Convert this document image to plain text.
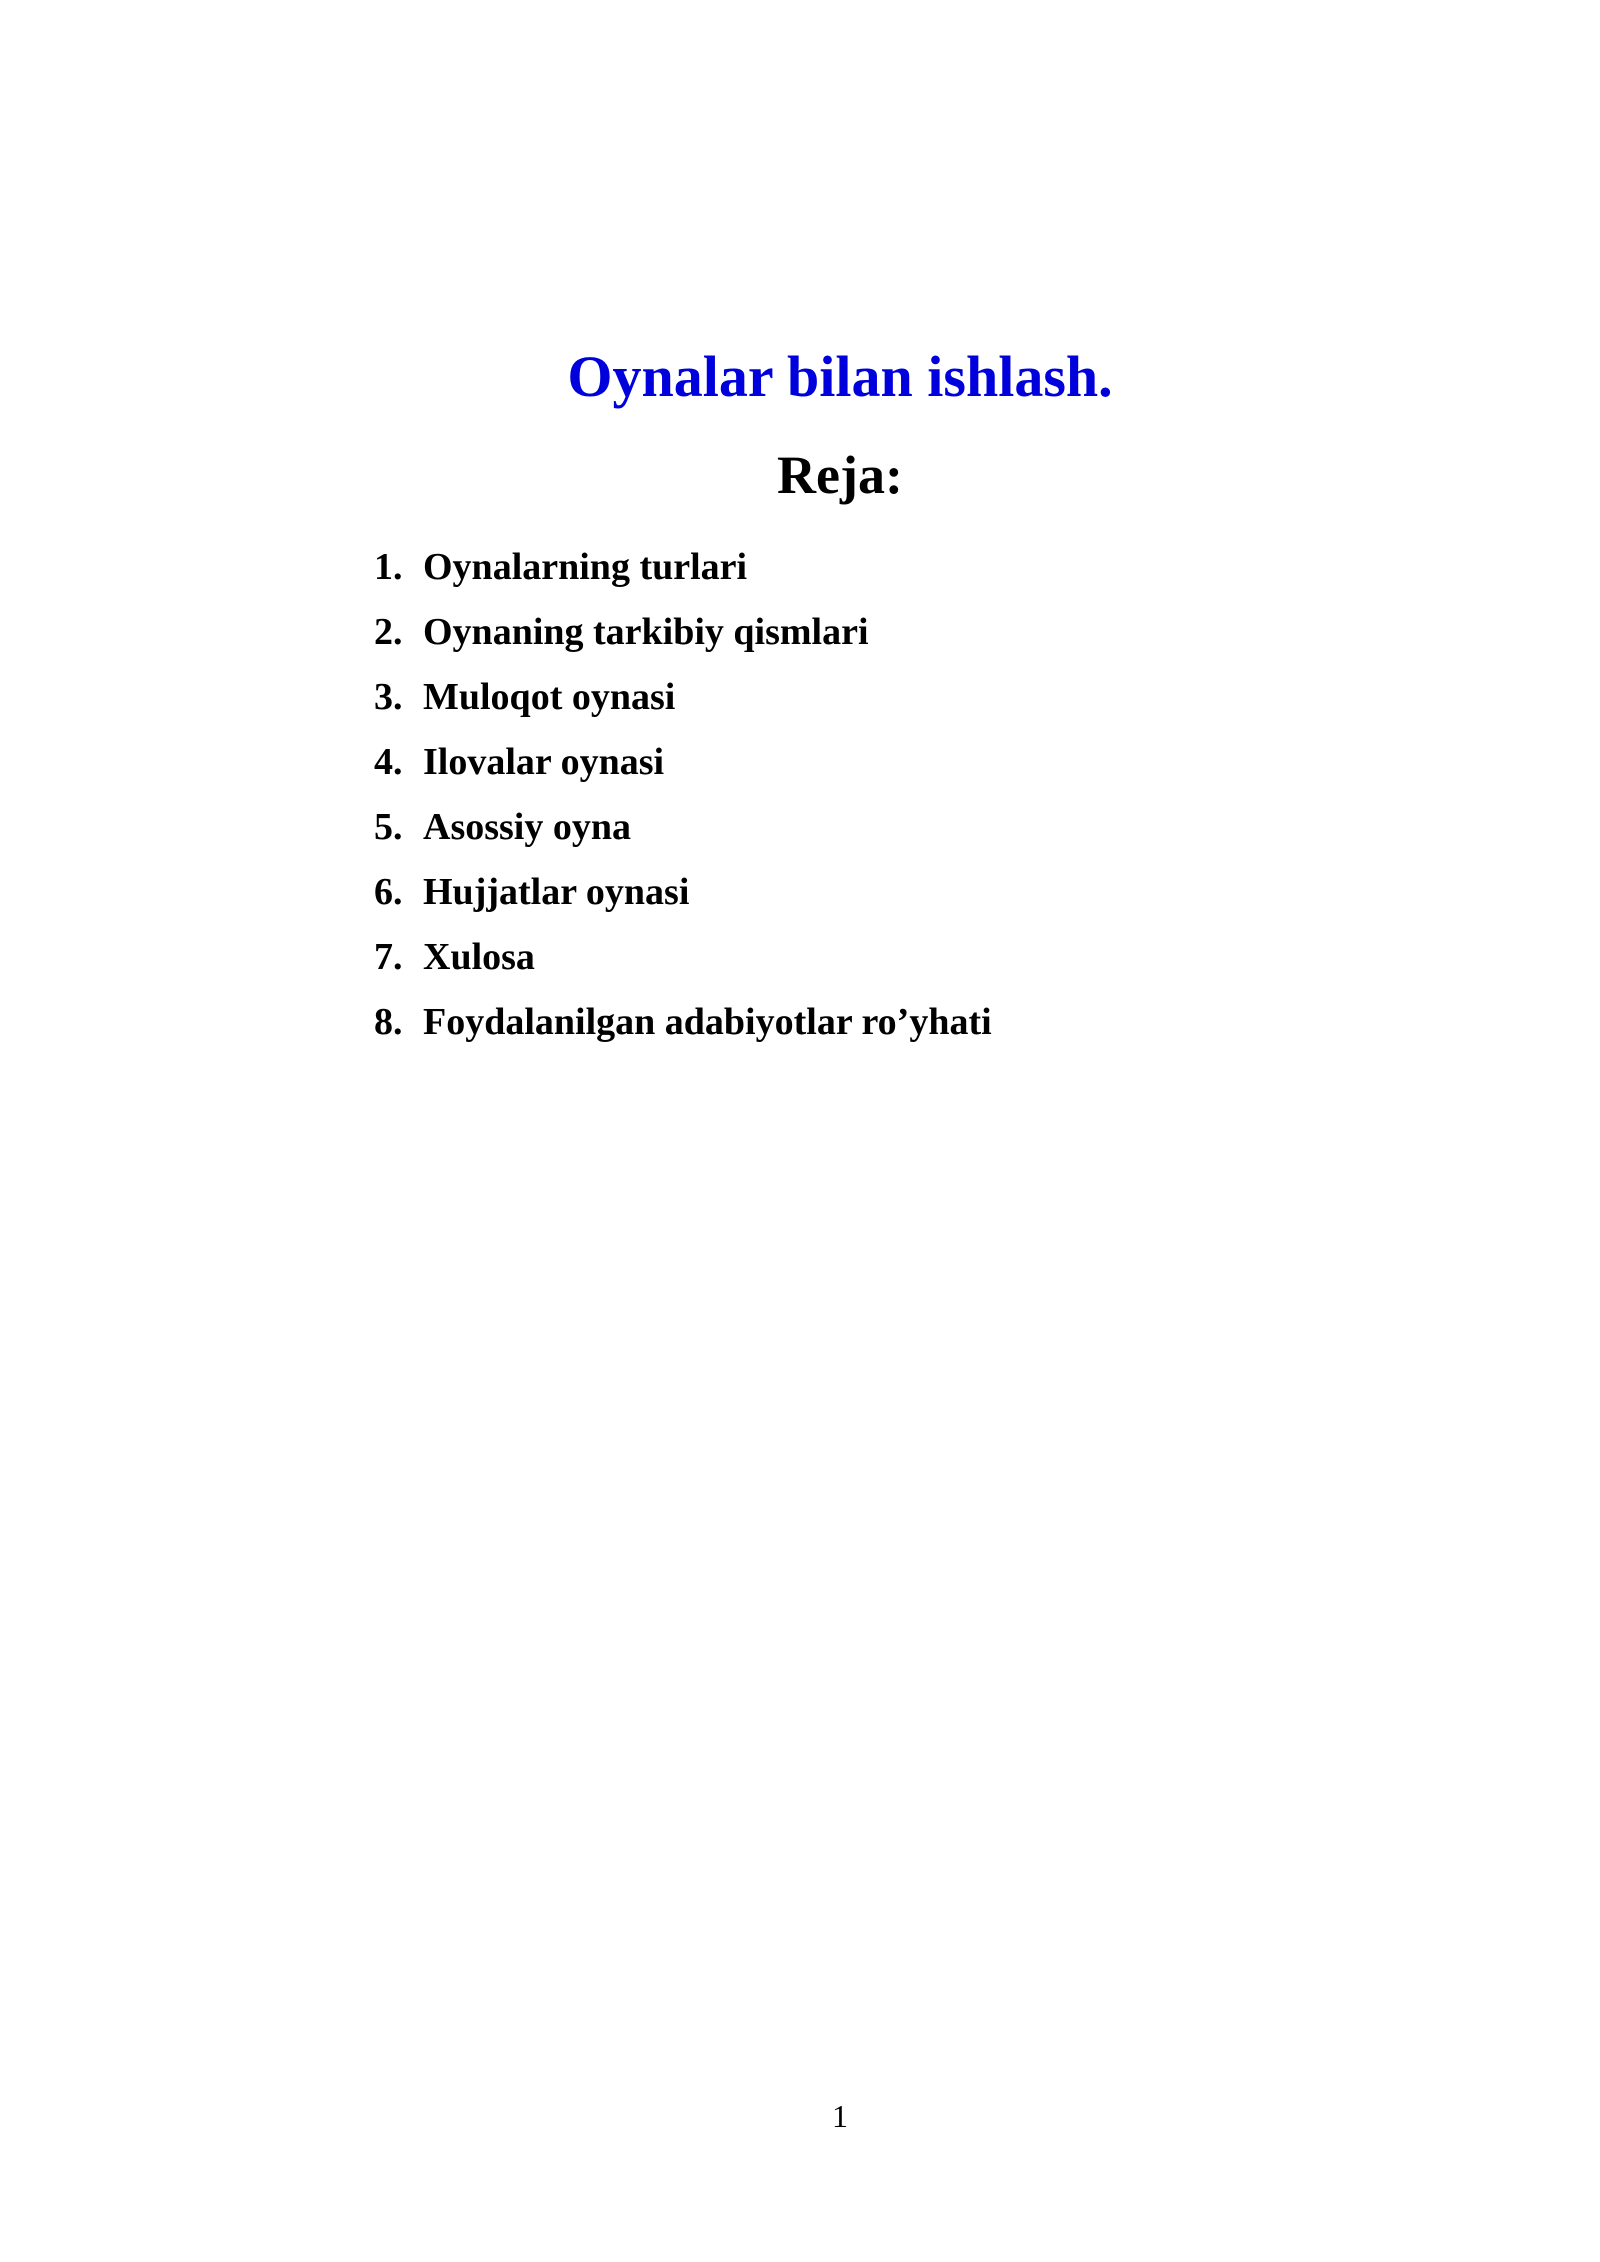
Oynalar bilan ishlash.
Reja:
1. Oynalarning turlari
2. Oynaning tarkibiy qismlari
3. Muloqot oynasi
4. Ilovalar oynasi
5. Asossiy oyna
6. Hujjatlar oynasi
7. Xulosa
8. Foydalanilgan adabiyotlar ro’yhati
1
